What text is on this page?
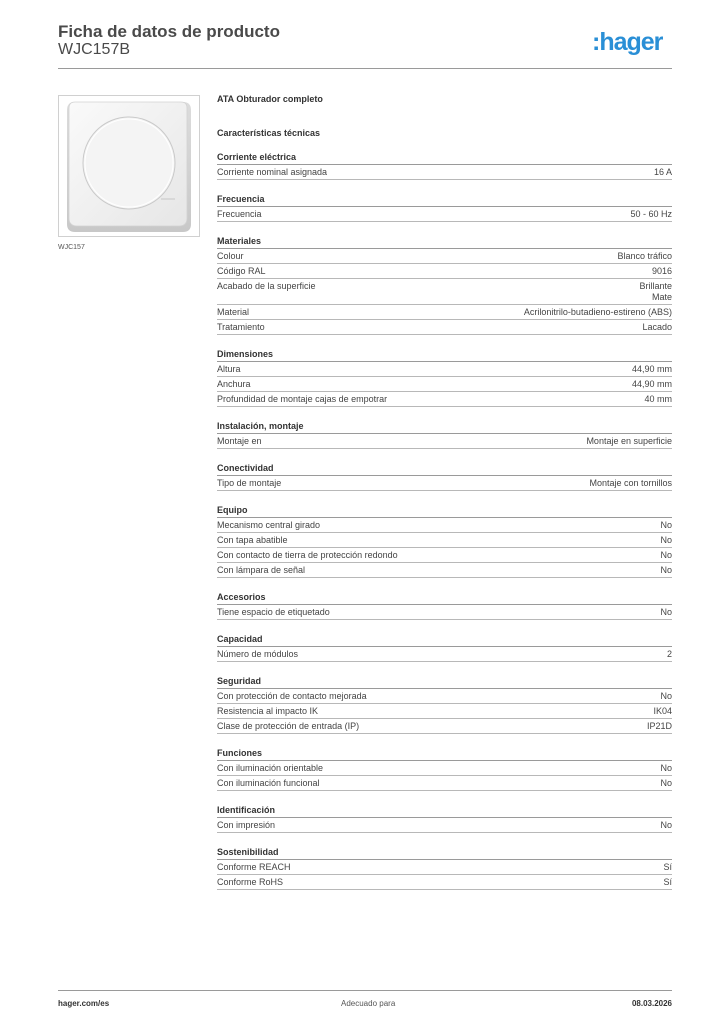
Ficha de datos de producto
WJC157B	:hager
WJC157
ATA Obturador completo
Características técnicas
Corriente eléctrica
Corriente nominal asignada	16 A
Frecuencia
Frecuencia	50 - 60 Hz
Materiales
Colour	Blanco tráfico
Código RAL	9016
Acabado de la superficie	Brillante
Mate
Material	Acrilonitrilo-butadieno-estireno (ABS)
Tratamiento	Lacado
Dimensiones
Altura	44,90 mm
Anchura	44,90 mm
Profundidad de montaje cajas de empotrar	40 mm
Instalación, montaje
Montaje en	Montaje en superficie
Conectividad
Tipo de montaje	Montaje con tornillos
Equipo
Mecanismo central girado	No
Con tapa abatible	No
Con contacto de tierra de protección redondo	No
Con lámpara de señal	No
Accesorios
Tiene espacio de etiquetado	No
Capacidad
Número de módulos	2
Seguridad
Con protección de contacto mejorada	No
Resistencia al impacto IK	IK04
Clase de protección de entrada (IP)	IP21D
Funciones
Con iluminación orientable	No
Con iluminación funcional	No
Identificación
Con impresión	No
Sostenibilidad
Conforme REACH	Sí
Conforme RoHS	Sí
hager.com/es	Adecuado para	08.03.2026
